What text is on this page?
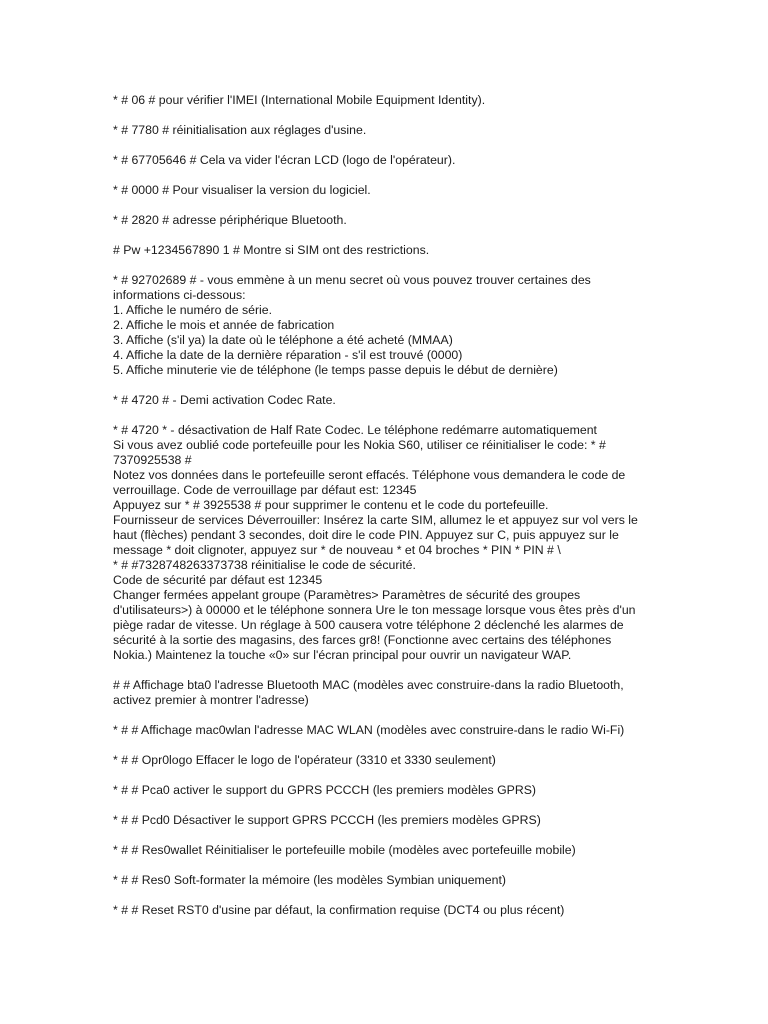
* # 06 # pour vérifier l'IMEI (International Mobile Equipment Identity).
* # 7780 # réinitialisation aux réglages d'usine.
* # 67705646 # Cela va vider l'écran LCD (logo de l'opérateur).
* # 0000 # Pour visualiser la version du logiciel.
* # 2820 # adresse périphérique Bluetooth.
# Pw +1234567890 1 # Montre si SIM ont des restrictions.
* # 92702689 # - vous emmène à un menu secret où vous pouvez trouver certaines des
informations ci-dessous:
1. Affiche le numéro de série.
2. Affiche le mois et année de fabrication
3. Affiche (s'il ya) la date où le téléphone a été acheté (MMAA)
4. Affiche la date de la dernière réparation - s'il est trouvé (0000)
5. Affiche minuterie vie de téléphone (le temps passe depuis le début de dernière)
* # 4720 # - Demi activation Codec Rate.
* # 4720 * - désactivation de Half Rate Codec. Le téléphone redémarre automatiquement
Si vous avez oublié code portefeuille pour les Nokia S60, utiliser ce réinitialiser le code: * #
7370925538 #
Notez vos données dans le portefeuille seront effacés. Téléphone vous demandera le code de
verrouillage. Code de verrouillage par défaut est: 12345
Appuyez sur * # 3925538 # pour supprimer le contenu et le code du portefeuille.
Fournisseur de services Déverrouiller: Insérez la carte SIM, allumez le et appuyez sur vol vers le
haut (flèches) pendant 3 secondes, doit dire le code PIN. Appuyez sur C, puis appuyez sur le
message * doit clignoter, appuyez sur * de nouveau * et 04 broches * PIN * PIN # \
* # #7328748263373738 réinitialise le code de sécurité.
Code de sécurité par défaut est 12345
Changer fermées appelant groupe (Paramètres> Paramètres de sécurité des groupes
d'utilisateurs>) à 00000 et le téléphone sonnera Ure le ton message lorsque vous êtes près d'un
piège radar de vitesse. Un réglage à 500 causera votre téléphone 2 déclenché les alarmes de
sécurité à la sortie des magasins, des farces gr8! (Fonctionne avec certains des téléphones
Nokia.) Maintenez la touche «0» sur l'écran principal pour ouvrir un navigateur WAP.
# # Affichage bta0 l'adresse Bluetooth MAC (modèles avec construire-dans la radio Bluetooth,
activez premier à montrer l'adresse)
* # # Affichage mac0wlan l'adresse MAC WLAN (modèles avec construire-dans le radio Wi-Fi)
* # # Opr0logo Effacer le logo de l'opérateur (3310 et 3330 seulement)
* # # Pca0 activer le support du GPRS PCCCH (les premiers modèles GPRS)
* # # Pcd0 Désactiver le support GPRS PCCCH (les premiers modèles GPRS)
* # # Res0wallet Réinitialiser le portefeuille mobile (modèles avec portefeuille mobile)
* # # Res0 Soft-formater la mémoire (les modèles Symbian uniquement)
* # # Reset RST0 d'usine par défaut, la confirmation requise (DCT4 ou plus récent)
